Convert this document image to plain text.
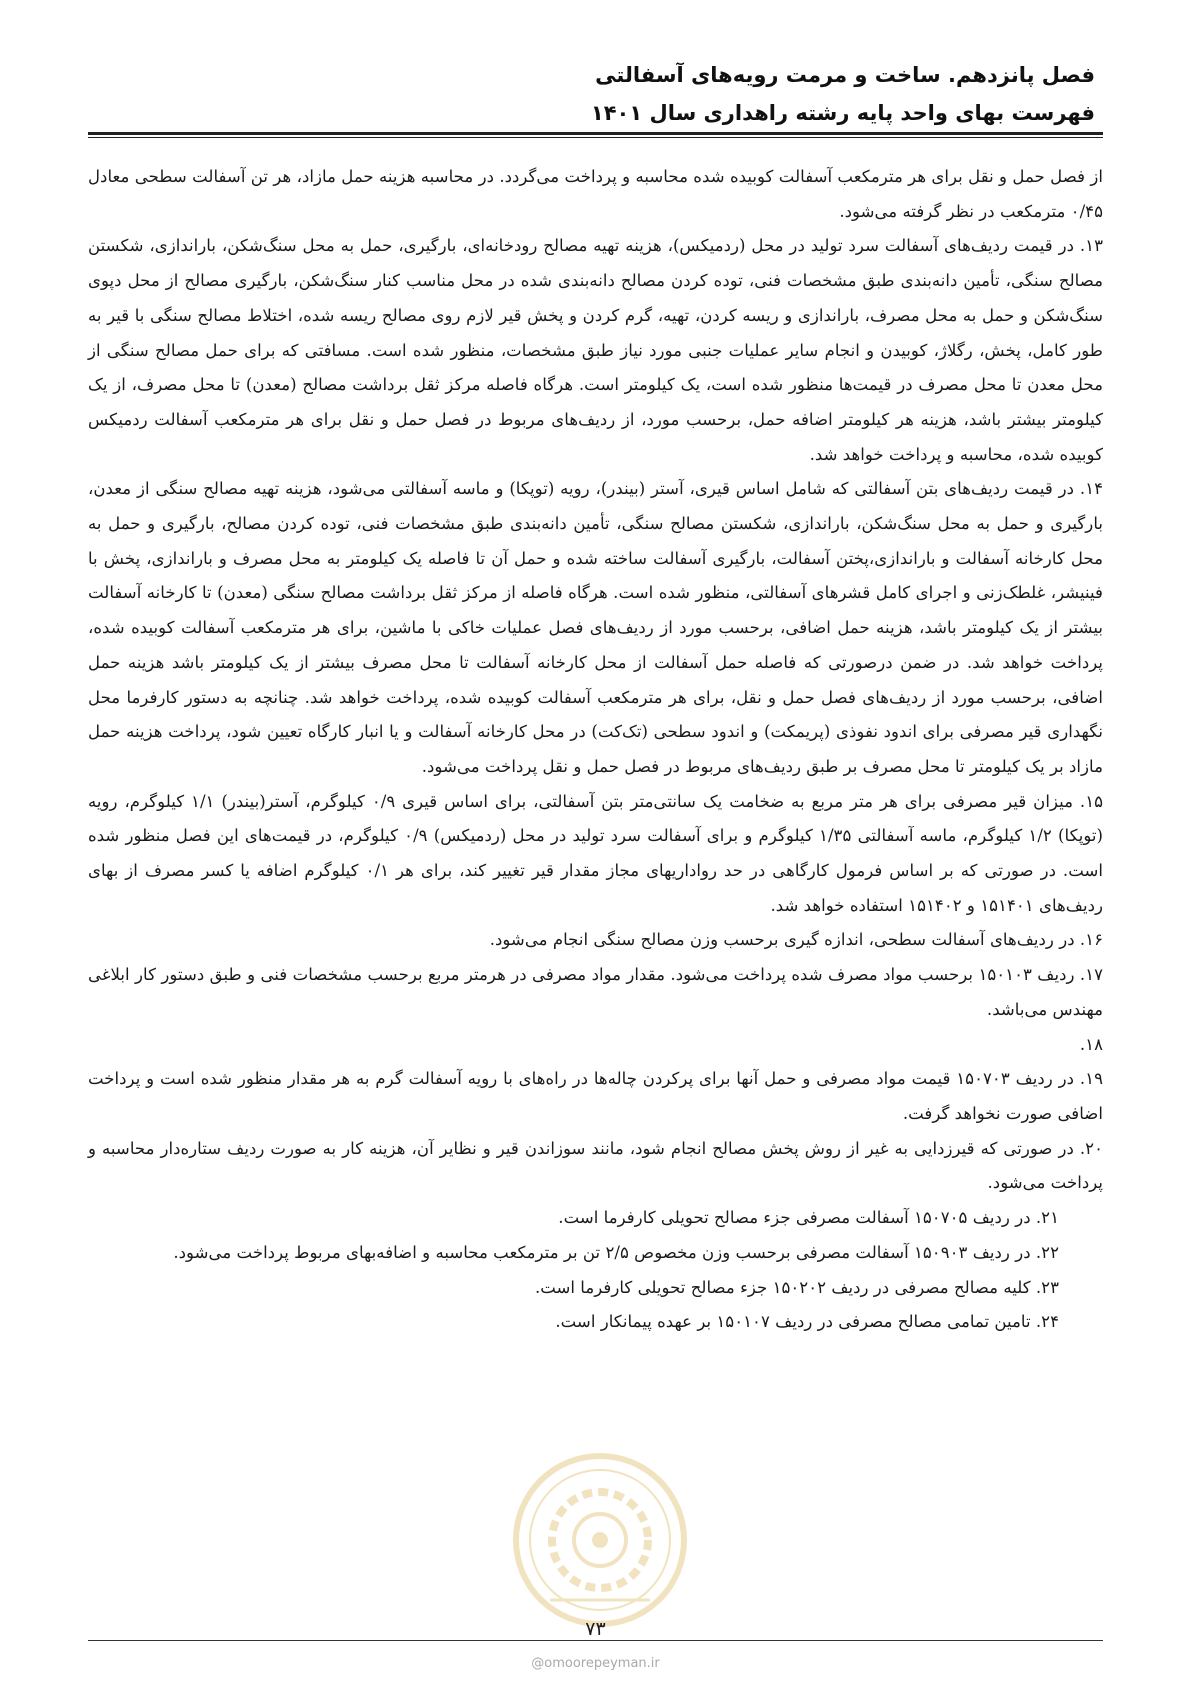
فصل پانزدهم. ساخت و مرمت رویه‌های آسفالتی

فهرست بهای واحد پایه رشته راهداری سال ۱۴۰۱

از فصل حمل و نقل برای هر مترمکعب آسفالت کوبیده شده محاسبه و پرداخت می‌گردد. در محاسبه هزینه حمل مازاد، هر تن آسفالت سطحی معادل ۰/۴۵ مترمکعب در نظر گرفته می‌شود.

۱۳. در قیمت ردیف‌های آسفالت سرد تولید در محل (ردمیکس)، هزینه تهیه مصالح رودخانه‌ای، بارگیری، حمل به محل سنگ‌شکن، باراندازی، شکستن مصالح سنگی، تأمین دانه‌بندی طبق مشخصات فنی، توده کردن مصالح دانه‌بندی شده در محل مناسب کنار سنگ‌شکن، بارگیری مصالح از محل دپوی سنگ‌شکن و حمل به محل مصرف، باراندازی و ریسه کردن، تهیه، گرم کردن و پخش قیر لازم روی مصالح ریسه شده، اختلاط مصالح سنگی با قیر به طور کامل، پخش، رگلاژ، کوبیدن و انجام سایر عملیات جنبی مورد نیاز طبق مشخصات، منظور شده است. مسافتی که برای حمل مصالح سنگی از محل معدن تا محل مصرف در قیمت‌ها منظور شده است، یک کیلومتر است. هرگاه فاصله مرکز ثقل برداشت مصالح (معدن) تا محل مصرف، از یک کیلومتر بیشتر باشد، هزینه هر کیلومتر اضافه حمل، برحسب مورد، از ردیف‌های مربوط در فصل حمل و نقل برای هر مترمکعب آسفالت ردمیکس کوبیده شده، محاسبه و پرداخت خواهد شد.

۱۴. در قیمت ردیف‌های بتن آسفالتی که شامل اساس قیری، آستر (بیندر)، رویه (توپکا) و ماسه آسفالتی می‌شود، هزینه تهیه مصالح سنگی از معدن، بارگیری و حمل به محل سنگ‌شکن، باراندازی، شکستن مصالح سنگی، تأمین دانه‌بندی طبق مشخصات فنی، توده کردن مصالح، بارگیری و حمل به محل کارخانه آسفالت و باراندازی،پختن آسفالت، بارگیری آسفالت ساخته شده و حمل آن تا فاصله یک کیلومتر به محل مصرف و باراندازی، پخش با فینیشر، غلطک‌زنی و اجرای کامل قشرهای آسفالتی، منظور شده است. هرگاه فاصله از مرکز ثقل برداشت مصالح سنگی (معدن) تا کارخانه آسفالت بیشتر از یک کیلومتر باشد، هزینه حمل اضافی، برحسب مورد از ردیف‌های فصل عملیات خاکی با ماشین، برای هر مترمکعب آسفالت کوبیده شده، پرداخت خواهد شد. در ضمن درصورتی که فاصله حمل آسفالت از محل کارخانه آسفالت تا محل مصرف بیشتر از یک کیلومتر باشد هزینه حمل اضافی، برحسب مورد از ردیف‌های فصل حمل و نقل، برای هر مترمکعب آسفالت کوبیده شده، پرداخت خواهد شد. چنانچه به دستور کارفرما محل نگهداری قیر مصرفی برای اندود نفوذی (پریمکت) و اندود سطحی (تک‌کت) در محل کارخانه آسفالت و یا انبار کارگاه تعیین شود، پرداخت هزینه حمل مازاد بر یک کیلومتر تا محل مصرف بر طبق ردیف‌های مربوط در فصل حمل و نقل پرداخت می‌شود.

۱۵. میزان قیر مصرفی برای هر متر مربع به ضخامت یک سانتی‌متر بتن آسفالتی، برای اساس قیری ۰/۹ کیلوگرم، آستر(بیندر) ۱/۱ کیلوگرم، رویه (توپکا) ۱/۲ کیلوگرم، ماسه آسفالتی ۱/۳۵ کیلوگرم و برای آسفالت سرد تولید در محل (ردمیکس) ۰/۹ کیلوگرم، در قیمت‌های این فصل منظور شده است. در صورتی که بر اساس فرمول کارگاهی در حد رواداریهای مجاز مقدار قیر تغییر کند، برای هر ۰/۱ کیلوگرم اضافه یا کسر مصرف از بهای ردیف‌های ۱۵۱۴۰۱ و ۱۵۱۴۰۲ استفاده خواهد شد.

۱۶. در ردیف‌های آسفالت سطحی، اندازه گیری برحسب وزن مصالح سنگی انجام می‌شود.

۱۷. ردیف ۱۵۰۱۰۳ برحسب مواد مصرف شده پرداخت می‌شود. مقدار مواد مصرفی در هرمتر مربع برحسب مشخصات فنی و طبق دستور کار ابلاغی مهندس می‌باشد.

۱۸.

۱۹. در ردیف ۱۵۰۷۰۳ قیمت مواد مصرفی و حمل آنها برای پرکردن چاله‌ها در راه‌های با رویه آسفالت گرم به هر مقدار منظور شده است و پرداخت اضافی صورت نخواهد گرفت.

۲۰. در صورتی که قیرزدایی به غیر از روش پخش مصالح انجام شود، مانند سوزاندن قیر و نظایر آن، هزینه کار به صورت ردیف ستاره‌دار محاسبه و پرداخت می‌شود.

۲۱. در ردیف ۱۵۰۷۰۵ آسفالت مصرفی جزء مصالح تحویلی کارفرما است.

۲۲. در ردیف ۱۵۰۹۰۳ آسفالت مصرفی برحسب وزن مخصوص ۲/۵ تن بر مترمکعب محاسبه و اضافه‌بهای مربوط پرداخت می‌شود.

۲۳. کلیه مصالح مصرفی در ردیف ۱۵۰۲۰۲ جزء مصالح تحویلی کارفرما است.

۲۴. تامین تمامی مصالح مصرفی در ردیف ۱۵۰۱۰۷ بر عهده پیمانکار است.

۷۳
@omoorepeyman.ir
